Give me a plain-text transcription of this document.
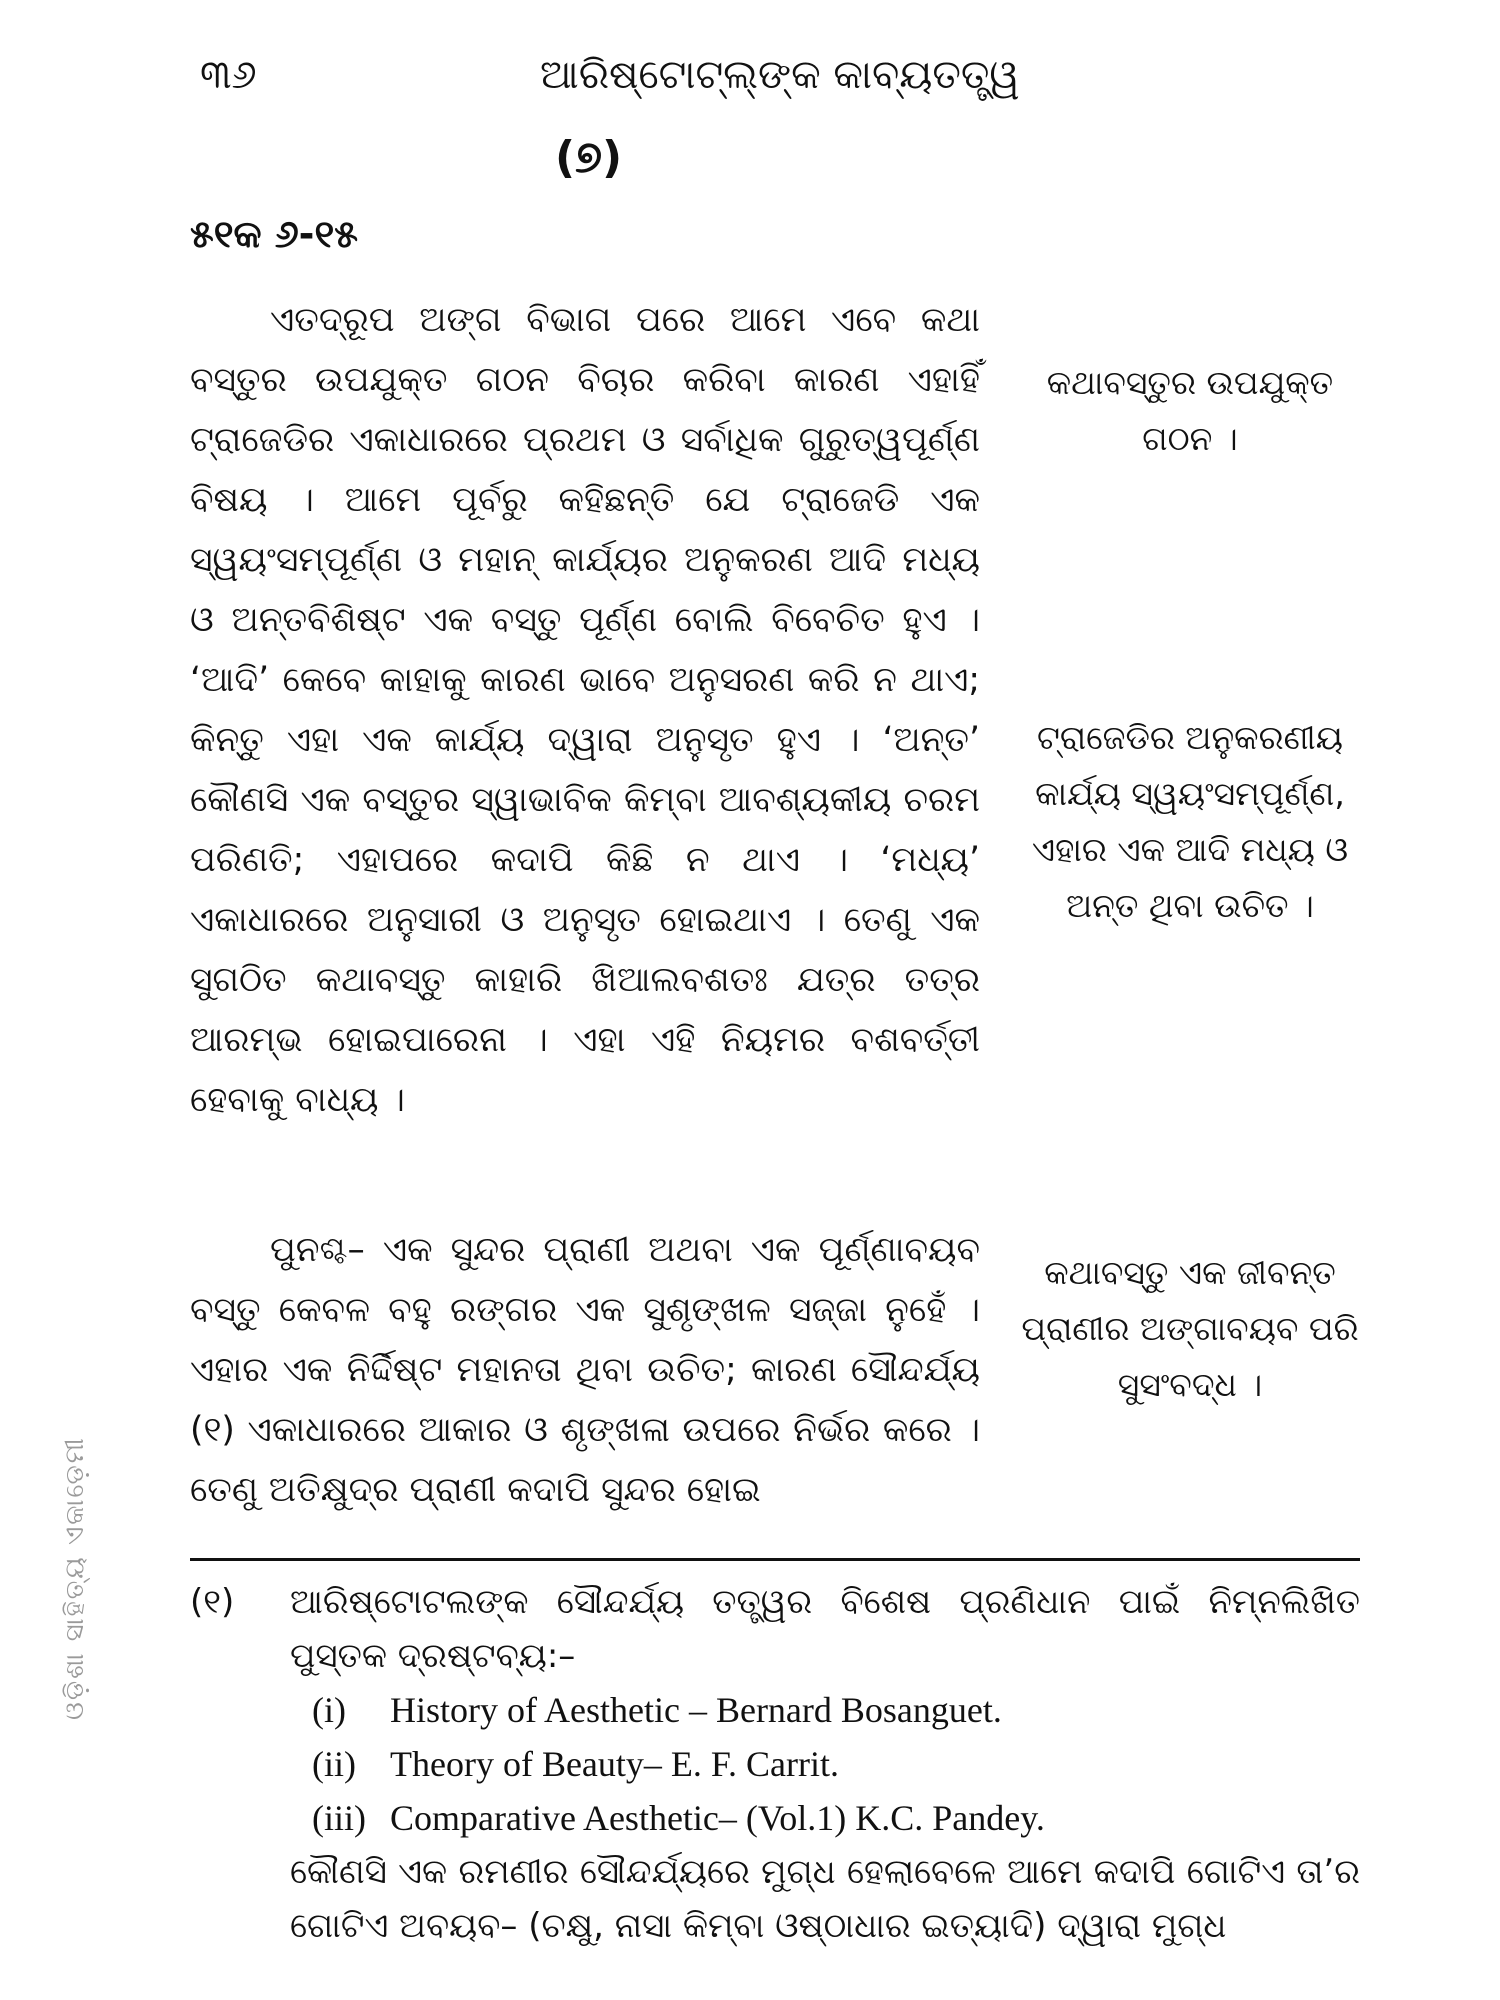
୩୬	ଆରିଷ୍ଟୋଟ୍‌ଲ୍‌ଙ୍କ କାବ୍ୟତତ୍ତ୍ୱ
(୭)
୫୧କ ୬-୧୫

ଏତଦ୍ରୂପ ଅଙ୍ଗ ବିଭାଗ ପରେ ଆମେ ଏବେ କଥା ବସ୍ତୁର ଉପଯୁକ୍ତ ଗଠନ ବିଚାର କରିବା କାରଣ ଏହାହିଁ ଟ୍ରାଜେଡିର ଏକାଧାରରେ ପ୍ରଥମ ଓ ସର୍ବାଧିକ ଗୁରୁତ୍ୱପୂର୍ଣ୍ଣ ବିଷୟ । ଆମେ ପୂର୍ବରୁ କହିଛନ୍ତି ଯେ ଟ୍ରାଜେଡି ଏକ ସ୍ୱୟଂସମ୍ପୂର୍ଣ୍ଣ ଓ ମହାନ୍ କାର୍ଯ୍ୟର ଅନୁକରଣ ଆଦି ମଧ୍ୟ ଓ ଅନ୍ତବିଶିଷ୍ଟ ଏକ ବସ୍ତୁ ପୂର୍ଣ୍ଣ ବୋଲି ବିବେଚିତ ହୁଏ । ‘ଆଦି’ କେବେ କାହାକୁ କାରଣ ଭାବେ ଅନୁସରଣ କରି ନ ଥାଏ; କିନ୍ତୁ ଏହା ଏକ କାର୍ଯ୍ୟ ଦ୍ୱାରା ଅନୁସୃତ ହୁଏ । ‘ଅନ୍ତ’ କୌଣସି ଏକ ବସ୍ତୁର ସ୍ୱାଭାବିକ କିମ୍ବା ଆବଶ୍ୟକୀୟ ଚରମ ପରିଣତି; ଏହାପରେ କଦାପି କିଛି ନ ଥାଏ । ‘ମଧ୍ୟ’ ଏକାଧାରରେ ଅନୁସାରୀ ଓ ଅନୁସୃତ ହୋଇଥାଏ । ତେଣୁ ଏକ ସୁଗଠିତ କଥାବସ୍ତୁ କାହାରି ଖିଆଲବଶତଃ ଯତ୍ର ତତ୍ର ଆରମ୍ଭ ହୋଇପାରେନା । ଏହା ଏହି ନିୟମର ବଶବର୍ତ୍ତୀ ହେବାକୁ ବାଧ୍ୟ ।

ପୁନଶ୍ଚ– ଏକ ସୁନ୍ଦର ପ୍ରାଣୀ ଅଥବା ଏକ ପୂର୍ଣ୍ଣାବୟବ ବସ୍ତୁ କେବଳ ବହୁ ରଙ୍ଗର ଏକ ସୁଶୃଙ୍ଖଳ ସଜ୍ଜା ନୁହେଁ । ଏହାର ଏକ ନିର୍ଦ୍ଦିଷ୍ଟ ମହାନତା ଥିବା ଉଚିତ; କାରଣ ସୌନ୍ଦର୍ଯ୍ୟ (୧) ଏକାଧାରରେ ଆକାର ଓ ଶୃଙ୍ଖଳା ଉପରେ ନିର୍ଭର କରେ । ତେଣୁ ଅତିକ୍ଷୁଦ୍ର ପ୍ରାଣୀ କଦାପି ସୁନ୍ଦର ହୋଇ

କଥାବସ୍ତୁର ଉପଯୁକ୍ତ ଗଠନ ।
ଟ୍ରାଜେଡିର ଅନୁକରଣୀୟ କାର୍ଯ୍ୟ ସ୍ୱୟଂସମ୍ପୂର୍ଣ୍ଣ, ଏହାର ଏକ ଆଦି ମଧ୍ୟ ଓ ଅନ୍ତ ଥିବା ଉଚିତ ।
କଥାବସ୍ତୁ ଏକ ଜୀବନ୍ତ ପ୍ରାଣୀର ଅଙ୍ଗାବୟବ ପରି ସୁସଂବଦ୍ଧ ।
(୧) ଆରିଷ୍ଟୋଟଲଙ୍କ ସୌନ୍ଦର୍ଯ୍ୟ ତତ୍ତ୍ୱର ବିଶେଷ ପ୍ରଣିଧାନ ପାଇଁ ନିମ୍ନଲିଖିତ ପୁସ୍ତକ ଦ୍ରଷ୍ଟବ୍ୟ:–
(i)	History of Aesthetic – Bernard Bosanguet.
(ii) Theory of Beauty– E. F. Carrit.
(iii) Comparative Aesthetic– (Vol.1) K.C. Pandey.
କୌଣସି ଏକ ରମଣୀର ସୌନ୍ଦର୍ଯ୍ୟରେ ମୁଗ୍ଧ ହେଲାବେଳେ ଆମେ କଦାପି ଗୋଟିଏ ତା’ର ଗୋଟିଏ ଅବୟବ– (ଚକ୍ଷୁ, ନାସା କିମ୍ବା ଓଷ୍ଠାଧାର ଇତ୍ୟାଦି) ଦ୍ୱାରା ମୁଗ୍ଧ
ଓଡ଼ିଶା ସାହିତ୍ୟ ଏକାଡ଼େମୀ
